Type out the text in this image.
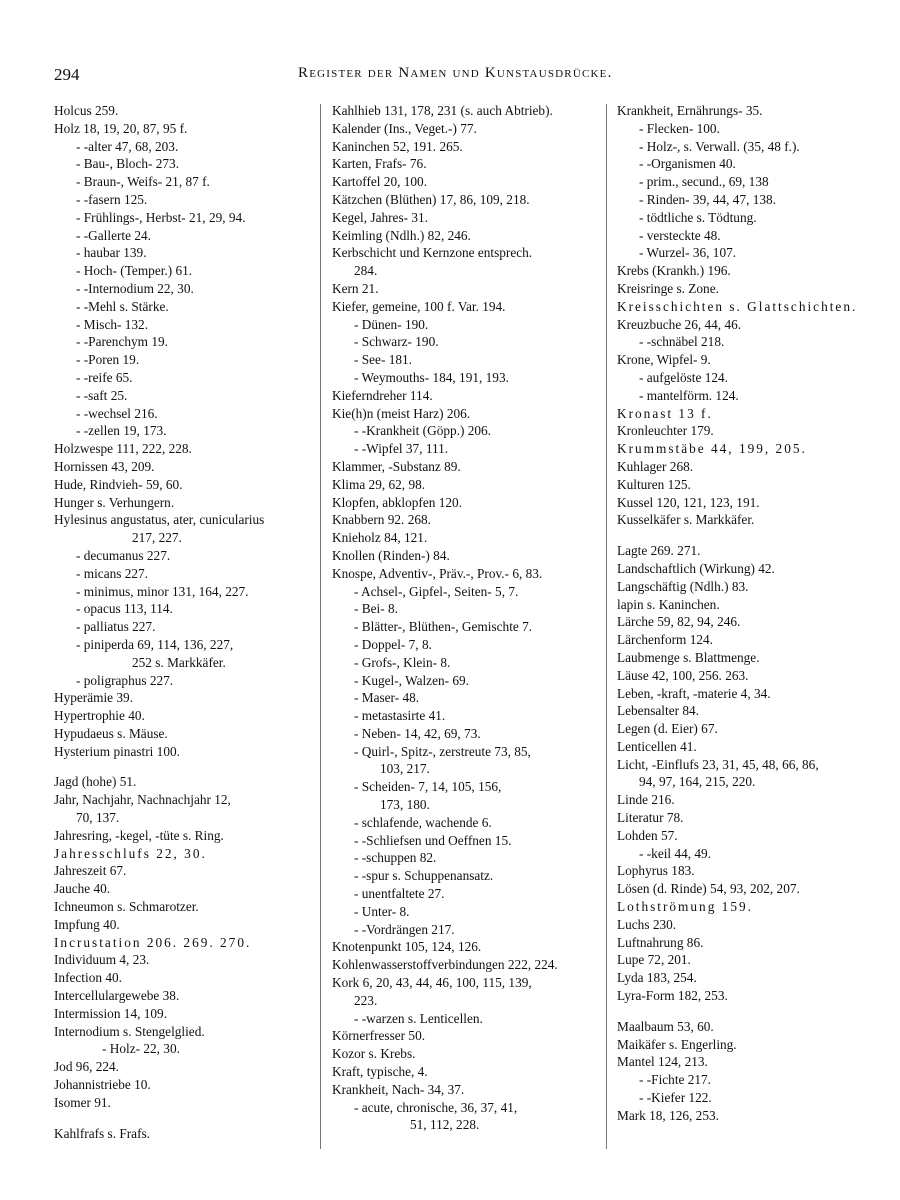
294	Register der Namen und Kunstausdrücke.
Holcus 259.
Holz 18, 19, 20, 87, 95 f.
- -alter 47, 68, 203.
- Bau-, Bloch- 273.
- Braun-, Weifs- 21, 87 f.
- -fasern 125.
- Frühlings-, Herbst- 21, 29, 94.
- -Gallerte 24.
- haubar 139.
- Hoch- (Temper.) 61.
- -Internodium 22, 30.
- -Mehl s. Stärke.
- Misch- 132.
- -Parenchym 19.
- -Poren 19.
- -reife 65.
- -saft 25.
- -wechsel 216.
- -zellen 19, 173.
Holzwespe 111, 222, 228.
Hornissen 43, 209.
Hude, Rindvieh- 59, 60.
Hunger s. Verhungern.
Hylesinus angustatus, ater, cunicularius
217, 227.
- decumanus 227.
- micans 227.
- minimus, minor 131, 164, 227.
- opacus 113, 114.
- palliatus 227.
- piniperda 69, 114, 136, 227,
252 s. Markkäfer.
- poligraphus 227.
Hyperämie 39.
Hypertrophie 40.
Hypudaeus s. Mäuse.
Hysterium pinastri 100.
Jagd (hohe) 51.
Jahr, Nachjahr, Nachnachjahr 12,
70, 137.
Jahresring, -kegel, -tüte s. Ring.
Jahresschlufs 22, 30.
Jahreszeit 67.
Jauche 40.
Ichneumon s. Schmarotzer.
Impfung 40.
Incrustation 206. 269. 270.
Individuum 4, 23.
Infection 40.
Intercellulargewebe 38.
Intermission 14, 109.
Internodium s. Stengelglied.
- Holz- 22, 30.
Jod 96, 224.
Johannistriebe 10.
Isomer 91.
Kahlfrafs s. Frafs.
Kahlhieb 131, 178, 231 (s. auch Abtrieb).
Kalender (Ins., Veget.-) 77.
Kaninchen 52, 191. 265.
Karten, Frafs- 76.
Kartoffel 20, 100.
Kätzchen (Blüthen) 17, 86, 109, 218.
Kegel, Jahres- 31.
Keimling (Ndlh.) 82, 246.
Kerbschicht und Kernzone entsprech.
284.
Kern 21.
Kiefer, gemeine, 100 f. Var. 194.
- Dünen- 190.
- Schwarz- 190.
- See- 181.
- Weymouths- 184, 191, 193.
Kieferndreher 114.
Kie(h)n (meist Harz) 206.
- -Krankheit (Göpp.) 206.
- -Wipfel 37, 111.
Klammer, -Substanz 89.
Klima 29, 62, 98.
Klopfen, abklopfen 120.
Knabbern 92. 268.
Knieholz 84, 121.
Knollen (Rinden-) 84.
Knospe, Adventiv-, Präv.-, Prov.- 6, 83.
- Achsel-, Gipfel-, Seiten- 5, 7.
- Bei- 8.
- Blätter-, Blüthen-, Gemischte 7.
- Doppel- 7, 8.
- Grofs-, Klein- 8.
- Kugel-, Walzen- 69.
- Maser- 48.
- metastasirte 41.
- Neben- 14, 42, 69, 73.
- Quirl-, Spitz-, zerstreute 73, 85,
103, 217.
- Scheiden- 7, 14, 105, 156,
173, 180.
- schlafende, wachende 6.
- -Schliefsen und Oeffnen 15.
- -schuppen 82.
- -spur s. Schuppenansatz.
- unentfaltete 27.
- Unter- 8.
- -Vordrängen 217.
Knotenpunkt 105, 124, 126.
Kohlenwasserstoffverbindungen 222, 224.
Kork 6, 20, 43, 44, 46, 100, 115, 139,
223.
- -warzen s. Lenticellen.
Körnerfresser 50.
Kozor s. Krebs.
Kraft, typische, 4.
Krankheit, Nach- 34, 37.
- acute, chronische, 36, 37, 41,
51, 112, 228.
Krankheit, Ernährungs- 35.
- Flecken- 100.
- Holz-, s. Verwall. (35, 48 f.).
- -Organismen 40.
- prim., secund., 69, 138
- Rinden- 39, 44, 47, 138.
- tödtliche s. Tödtung.
- versteckte 48.
- Wurzel- 36, 107.
Krebs (Krankh.) 196.
Kreisringe s. Zone.
Kreisschichten s. Glattschichten.
Kreuzbuche 26, 44, 46.
- -schnäbel 218.
Krone, Wipfel- 9.
- aufgelöste 124.
- mantelförm. 124.
Kronast 13 f.
Kronleuchter 179.
Krummstäbe 44, 199, 205.
Kuhlager 268.
Kulturen 125.
Kussel 120, 121, 123, 191.
Kusselkäfer s. Markkäfer.
Lagte 269. 271.
Landschaftlich (Wirkung) 42.
Langschäftig (Ndlh.) 83.
lapin s. Kaninchen.
Lärche 59, 82, 94, 246.
Lärchenform 124.
Laubmenge s. Blattmenge.
Läuse 42, 100, 256. 263.
Leben, -kraft, -materie 4, 34.
Lebensalter 84.
Legen (d. Eier) 67.
Lenticellen 41.
Licht, -Einflufs 23, 31, 45, 48, 66, 86,
94, 97, 164, 215, 220.
Linde 216.
Literatur 78.
Lohden 57.
- -keil 44, 49.
Lophyrus 183.
Lösen (d. Rinde) 54, 93, 202, 207.
Lothströmung 159.
Luchs 230.
Luftnahrung 86.
Lupe 72, 201.
Lyda 183, 254.
Lyra-Form 182, 253.
Maalbaum 53, 60.
Maikäfer s. Engerling.
Mantel 124, 213.
- -Fichte 217.
- -Kiefer 122.
Mark 18, 126, 253.
